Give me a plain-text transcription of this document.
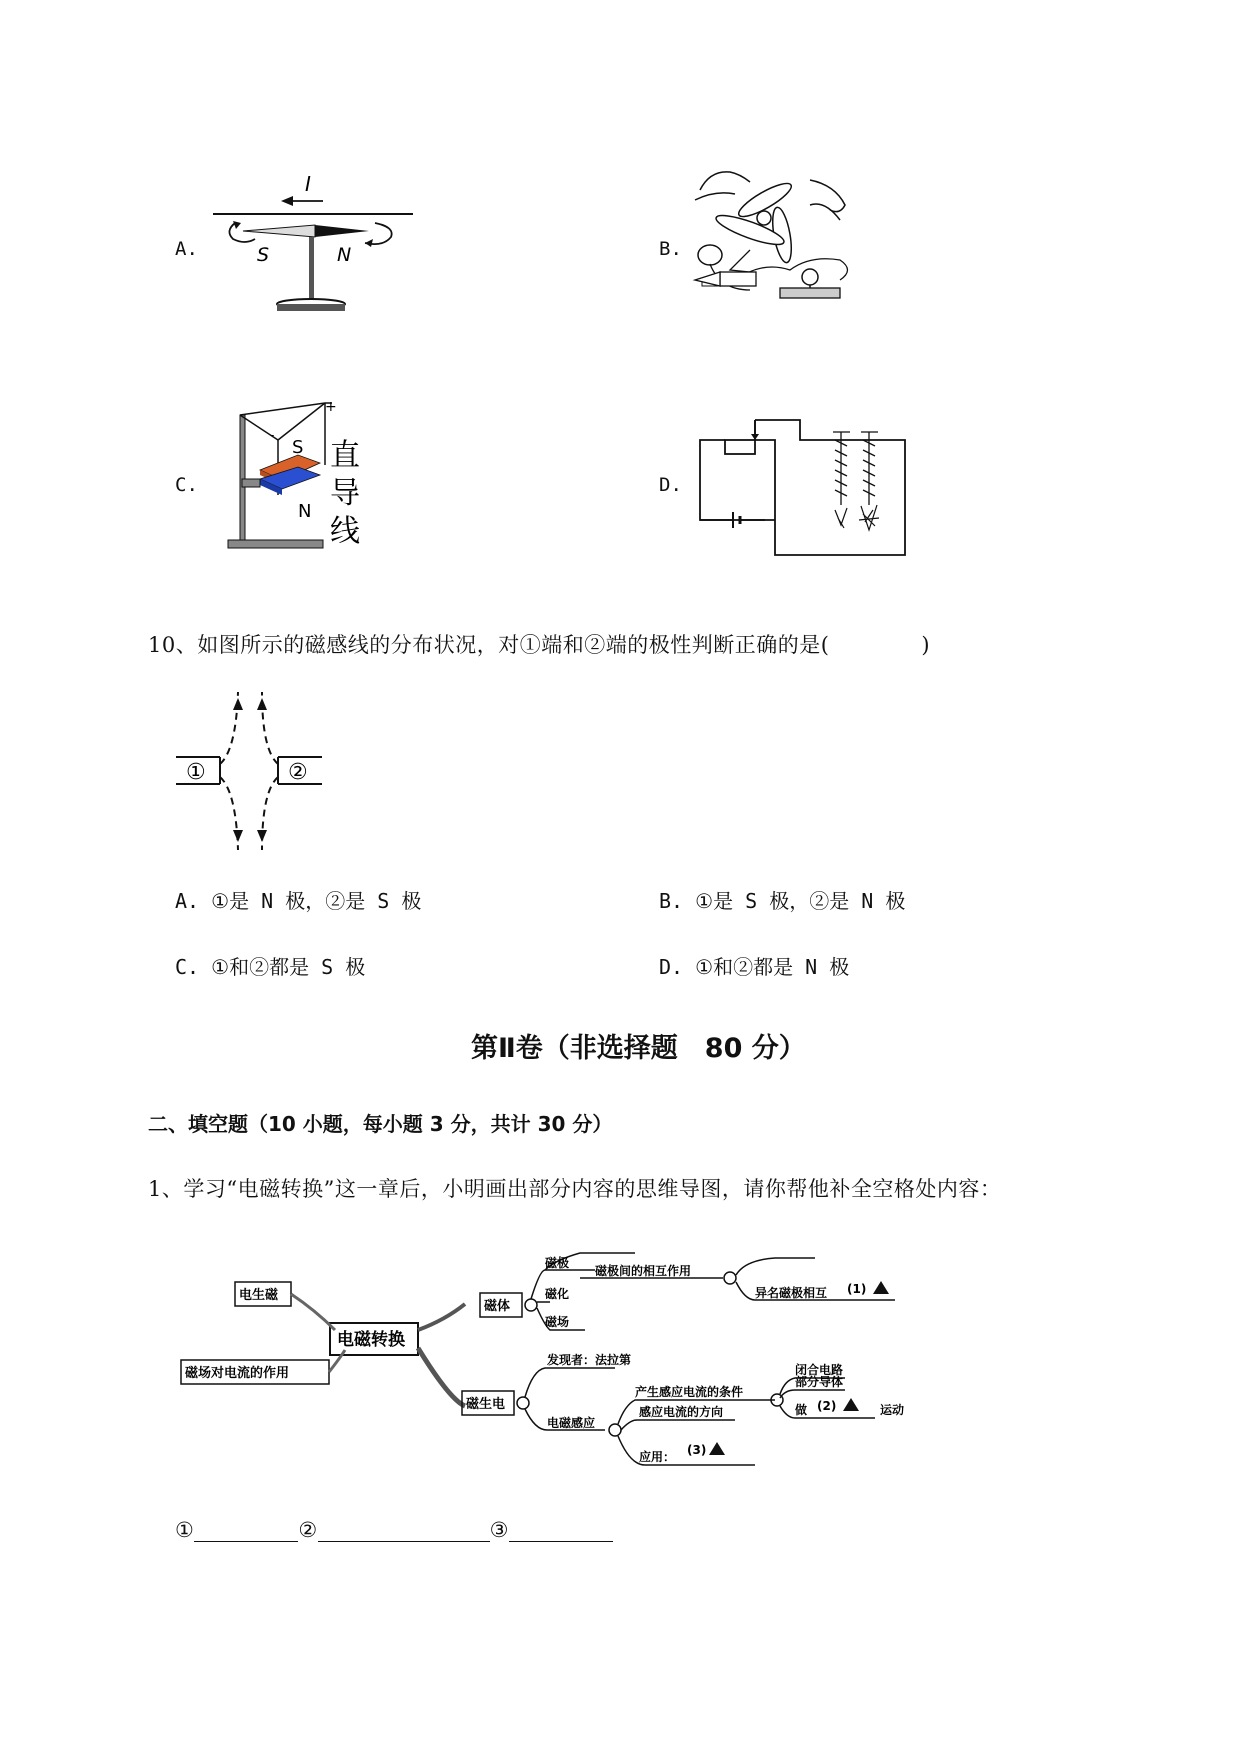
A.
I
S	N	B.
C.
+
-
S
N
直
导
线
D.
10、如图所示的磁感线的分布状况，对①端和②端的极性判断正确的是(	)
①	②
A. ①是 N 极，②是 S 极	B. ①是 S 极，②是 N 极
C. ①和②都是 S 极	D. ①和②都是 N 极
第Ⅱ卷（非选择题　80 分）
二、填空题（10 小题，每小题 3 分，共计 30 分）
1、学习“电磁转换”这一章后，小明画出部分内容的思维导图，请你帮他补全空格处内容：
电生磁
磁场对电流的作用
电磁转换
磁体
磁极
磁化
磁场
磁极间的相互作用
异名磁极相互 (1)
磁生电
发现者：法拉第
电磁感应
产生感应电流的条件
感应电流的方向
应用： (3)
闭合电路
部分导体
做 (2)	运动
①	②	③
